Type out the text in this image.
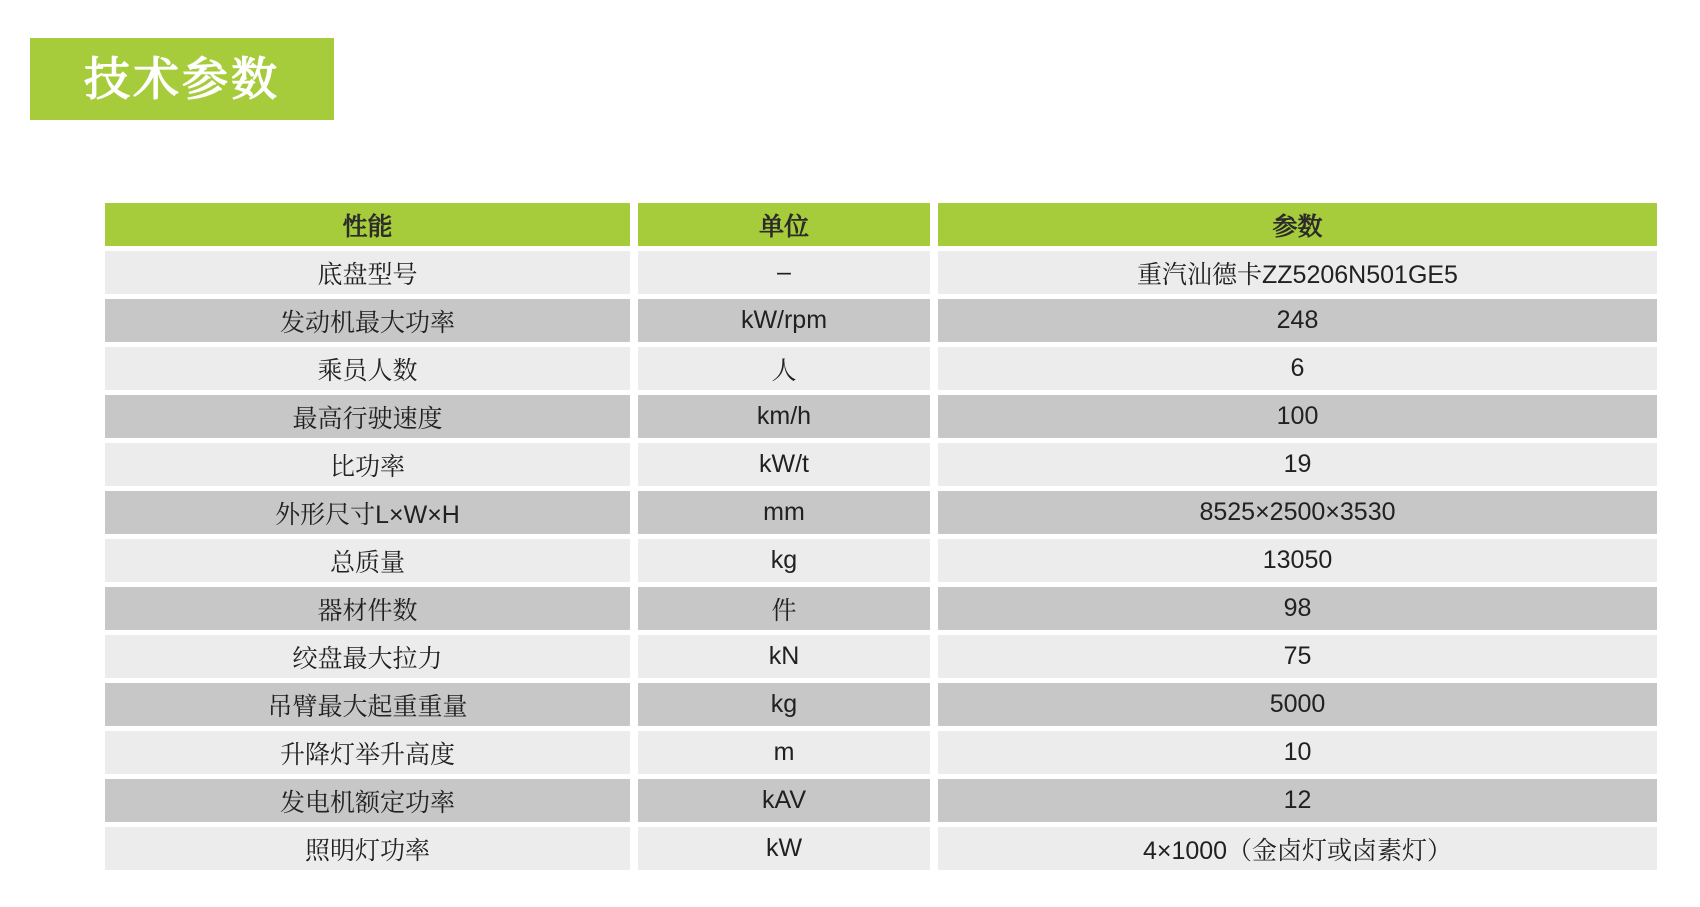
技术参数
性能	单位	参数
底盘型号	–	重汽汕德卡ZZ5206N501GE5
发动机最大功率	kW/rpm	248
乘员人数	人	6
最高行驶速度	km/h	100
比功率	kW/t	19
外形尺寸L×W×H	mm	8525×2500×3530
总质量	kg	13050
器材件数	件	98
绞盘最大拉力	kN	75
吊臂最大起重重量	kg	5000
升降灯举升高度	m	10
发电机额定功率	kAV	12
照明灯功率	kW	4×1000（金卤灯或卤素灯）
